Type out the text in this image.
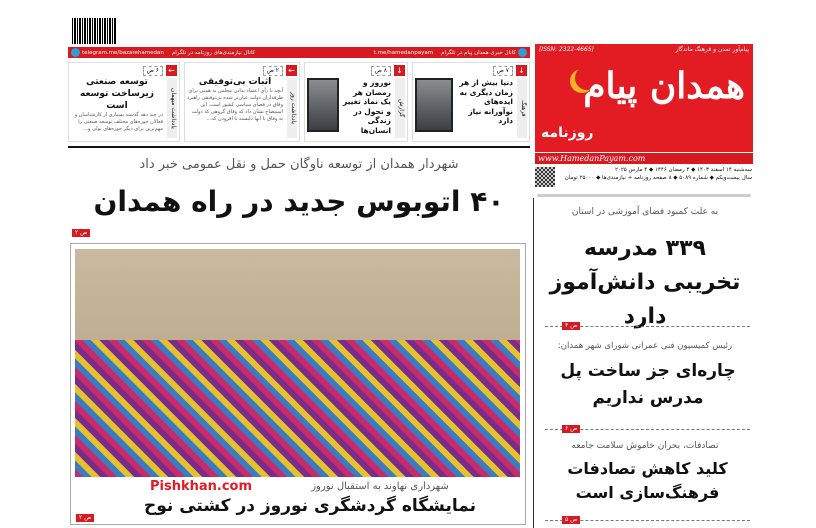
کانال خبری همدان پیام در تلگرام
t.me/hamedanpayam
کانال نیازمندی‌های روزنامه در تلگرام
telegram.me/bazarehamedan
↓
فرهنگ
۷ ص
دنیا بیش از هر زمان دیگری به ایده‌های نوآورانه نیاز دارد
↓
گزارش
۸ ص
نوروز و رمضان هر یک نماد تغییر و تحول در زندگی انسان‌ها
←
یادداشت روز
۲ ص
اثبات بی‌توفیقی
آنچه با رأی اعتماد ندادن مجلس به همتی برای طرفداران دولت عیان‌تر شده بی‌توفیقی راهبرد وفاق در فضای سیاسی کشور است. این استیضاح نشان داد که وفاق گروهی که دولت به وفاق با آنها دلبسته با افزودن که...
←
یادداشت میهمان
۶ ص
توسعه صنعتی زیرساخت توسعه است
در چند دهه گذشته بسیاری از کارشناسان و فعالان حوزه‌های مختلف توسعه صنعتی را مهم‌ترین برای دیگر حوزه‌های پولی و...
شهردار همدان از توسعه ناوگان حمل و نقل عمومی خبر داد
۴۰ اتوبوس جدید در راه همدان
۲ ص
Pishkhan.com	شهرداری نهاوند به استقبال نوروز
نمایشگاه گردشگری نوروز در کشتی نوح
۲ ص
پیام‌آور تمدن و فرهنگ ماندگار
[ISSN: 2322-4665]
همدان پیام
روزنامه
www.HamedanPayam.com
سه‌شنبه ۱۴ اسفند ۱۴۰۳ ◆ ۳ رمضان ۱۴۴۶ ◆ ۴ مارس ۲۰۲۵
سال بیست‌ویکم ◆ شماره ۵۰۸۹ ◆ ۸ صفحه روزنامه + نیازمندی‌ها ◆ ۲۵۰۰۰ تومان
به علت کمبود فضای آموزشی در استان
۳۳۹ مدرسه تخریبی دانش‌آموز دارد
۴ ص
رئیس کمیسیون فنی عمرانی شورای شهر همدان:
چاره‌ای جز ساخت پل مدرس نداریم
۶ ص
تصادفات، بحران خاموش سلامت جامعه
کلید کاهش تصادفات فرهنگ‌سازی است
۵ ص
